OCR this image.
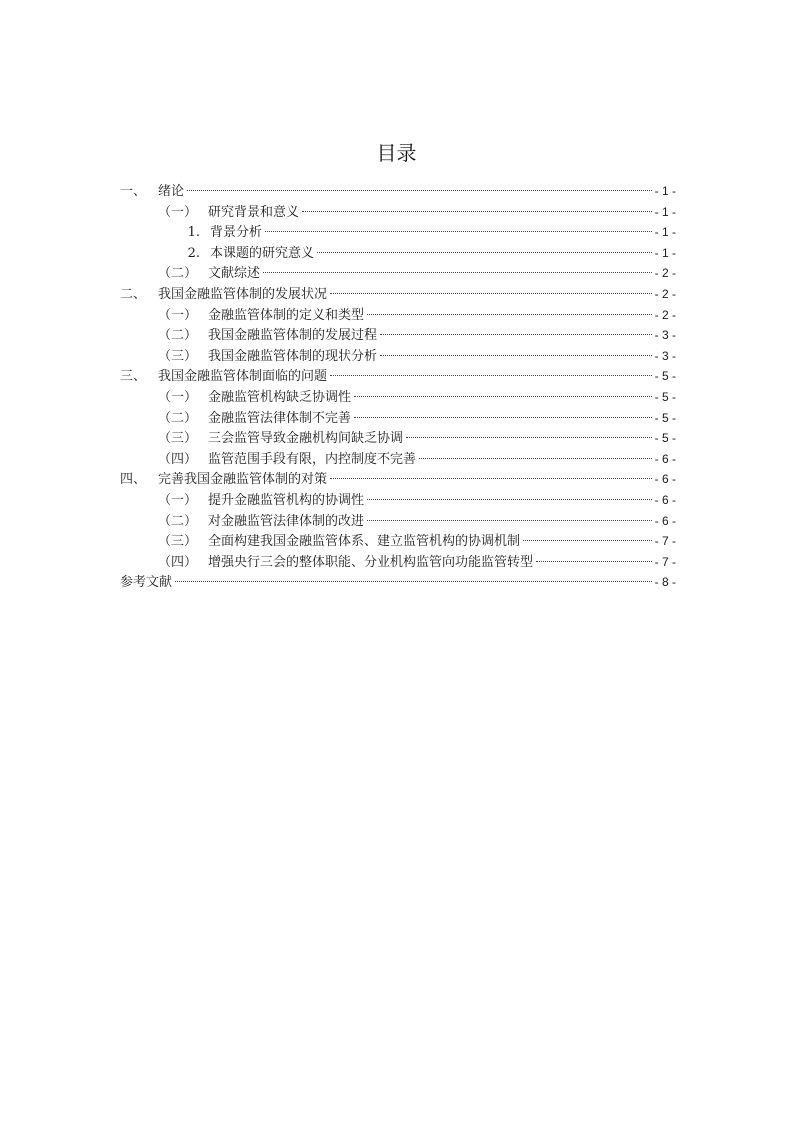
目录
一、 绪论	- 1 -
（一） 研究背景和意义	- 1 -
1. 背景分析	- 1 -
2. 本课题的研究意义	- 1 -
（二） 文献综述	- 2 -
二、 我国金融监管体制的发展状况	- 2 -
（一） 金融监管体制的定义和类型	- 2 -
（二） 我国金融监管体制的发展过程	- 3 -
（三） 我国金融监管体制的现状分析	- 3 -
三、 我国金融监管体制面临的问题	- 5 -
（一） 金融监管机构缺乏协调性	- 5 -
（二） 金融监管法律体制不完善	- 5 -
（三） 三会监管导致金融机构间缺乏协调	- 5 -
（四） 监管范围手段有限，内控制度不完善	- 6 -
四、 完善我国金融监管体制的对策	- 6 -
（一） 提升金融监管机构的协调性	- 6 -
（二） 对金融监管法律体制的改进	- 6 -
（三） 全面构建我国金融监管体系、建立监管机构的协调机制	- 7 -
（四） 增强央行三会的整体职能、分业机构监管向功能监管转型	- 7 -
参考文献	- 8 -
